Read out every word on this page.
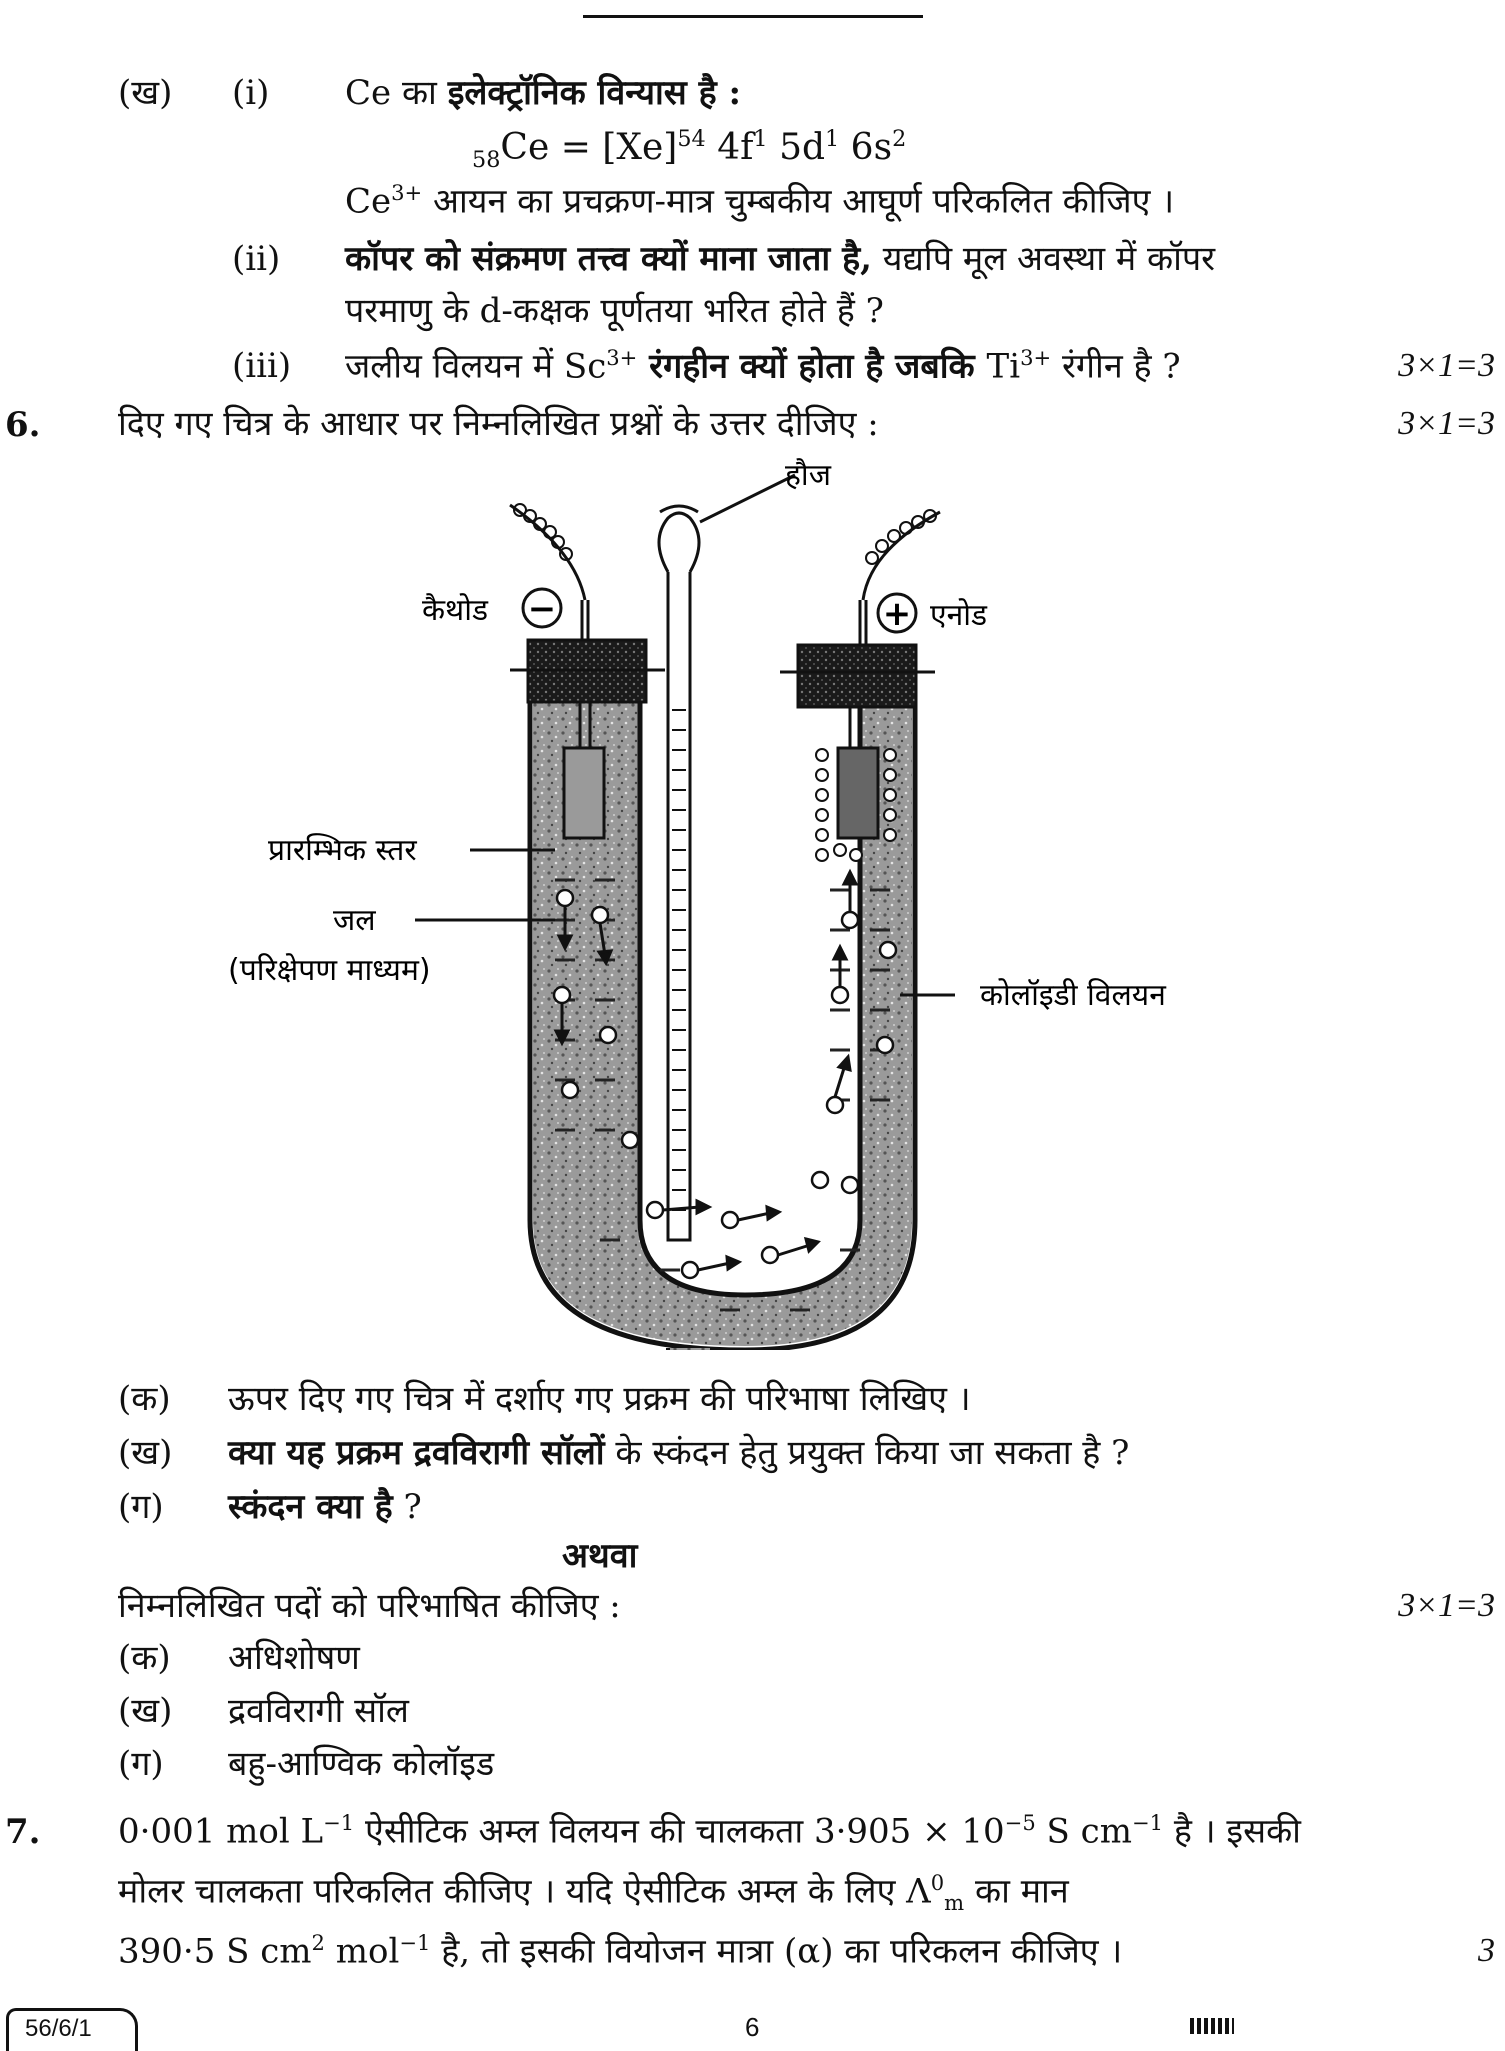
(ख) (i) Ce का इलेक्ट्रॉनिक विन्यास है :
$_{58}Ce = [Xe]^{54}$ $4f^1$ $5d^1$ $6s^2$
$Ce^{3+}$ आयन का प्रचक्रण-मात्र चुम्बकीय आघूर्ण परिकलित कीजिए ।
(ii) कॉपर को संक्रमण तत्त्व क्यों माना जाता है, यद्यपि मूल अवस्था में कॉपर
परमाणु के d-कक्षक पूर्णतया भरित होते हैं ?
(iii) जलीय विलयन में $Sc^{3+}$ रंगहीन क्यों होता है जबकि $Ti^{3+}$ रंगीन है ?	3×1=3
6. दिए गए चित्र के आधार पर निम्नलिखित प्रश्नों के उत्तर दीजिए :	3×1=3
−	+
हौज
कैथोड	एनोड
प्रारम्भिक स्तर
जल
(परिक्षेपण माध्यम)
कोलॉइडी विलयन
(क) ऊपर दिए गए चित्र में दर्शाए गए प्रक्रम की परिभाषा लिखिए ।
(ख) क्या यह प्रक्रम द्रवविरागी सॉलों के स्कंदन हेतु प्रयुक्त किया जा सकता है ?
(ग) स्कंदन क्या है ?
अथवा
निम्नलिखित पदों को परिभाषित कीजिए :	3×1=3
(क) अधिशोषण
(ख) द्रवविरागी सॉल
(ग) बहु-आण्विक कोलॉइड
7. 0·001 mol $L^{-1}$ ऐसीटिक अम्ल विलयन की चालकता $3\cdot 905 \times 10^{-5}$ S $cm^{-1}$ है । इसकी
मोलर चालकता परिकलित कीजिए । यदि ऐसीटिक अम्ल के लिए $\Lambda^0_m$ का मान
390·5 S $cm^2$ mol$^{-1}$ है, तो इसकी वियोजन मात्रा (α) का परिकलन कीजिए ।	3
56/6/1	6
